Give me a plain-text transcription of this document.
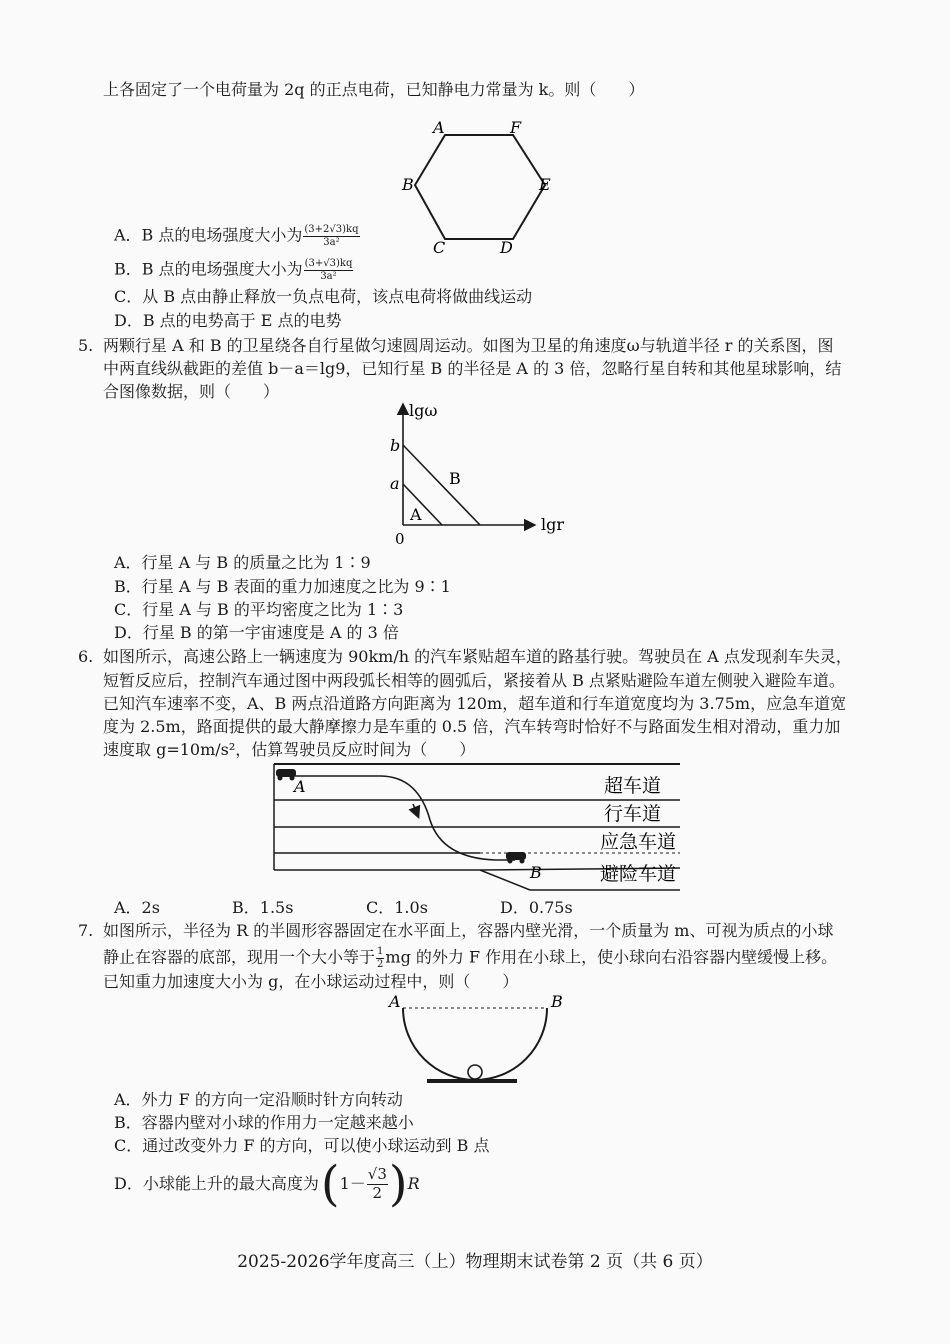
上各固定了一个电荷量为 2q 的正点电荷，已知静电力常量为 k。则（　　）
A	F
B	E
C	D
A．B 点的电场强度大小为 $\frac{(3+2√3)kq}{\text{3a²}}$
B．B 点的电场强度大小为 $\frac{(3+√3)kq}{\text{3a²}}$
C．从 B 点由静止释放一负点电荷，该点电荷将做曲线运动
D．B 点的电势高于 E 点的电势
5. 两颗行星 A 和 B 的卫星绕各自行星做匀速圆周运动。如图为卫星的角速度ω与轨道半径 r 的关系图，图
中两直线纵截距的差值 b－a＝lg9，已知行星 B 的半径是 A 的 3 倍，忽略行星自转和其他星球影响，结
合图像数据，则（　　）
lgω
lgr
0
b
a	B
A
A．行星 A 与 B 的质量之比为 1∶9
B．行星 A 与 B 表面的重力加速度之比为 9∶1
C．行星 A 与 B 的平均密度之比为 1∶3
D．行星 B 的第一宇宙速度是 A 的 3 倍
6. 如图所示，高速公路上一辆速度为 90km/h 的汽车紧贴超车道的路基行驶。驾驶员在 A 点发现刹车失灵，
短暂反应后，控制汽车通过图中两段弧长相等的圆弧后，紧接着从 B 点紧贴避险车道左侧驶入避险车道。
已知汽车速率不变，A、B 两点沿道路方向距离为 120m，超车道和行车道宽度均为 3.75m，应急车道宽
度为 2.5m，路面提供的最大静摩擦力是车重的 0.5 倍，汽车转弯时恰好不与路面发生相对滑动，重力加
速度取 g=10m/s²，估算驾驶员反应时间为（　　）
A
B
超车道
行车道
应急车道
避险车道
A．2s	B．1.5s	C．1.0s	D．0.75s
7. 如图所示，半径为 R 的半圆形容器固定在水平面上，容器内壁光滑，一个质量为 m、可视为质点的小球
静止在容器的底部，现用一个大小等于 $\frac{1}{2}$ mg 的外力 F 作用在小球上，使小球向右沿容器内壁缓慢上移。
已知重力加速度大小为 g，在小球运动过程中，则（　　）
A	B
A．外力 F 的方向一定沿顺时针方向转动
B．容器内壁对小球的作用力一定越来越小
C．通过改变外力 F 的方向，可以使小球运动到 B 点
D．小球能上升的最大高度为 ( $1- \frac{√3}{2}$ ) R
2025-2026学年度高三（上）物理期末试卷第 2 页（共 6 页）
